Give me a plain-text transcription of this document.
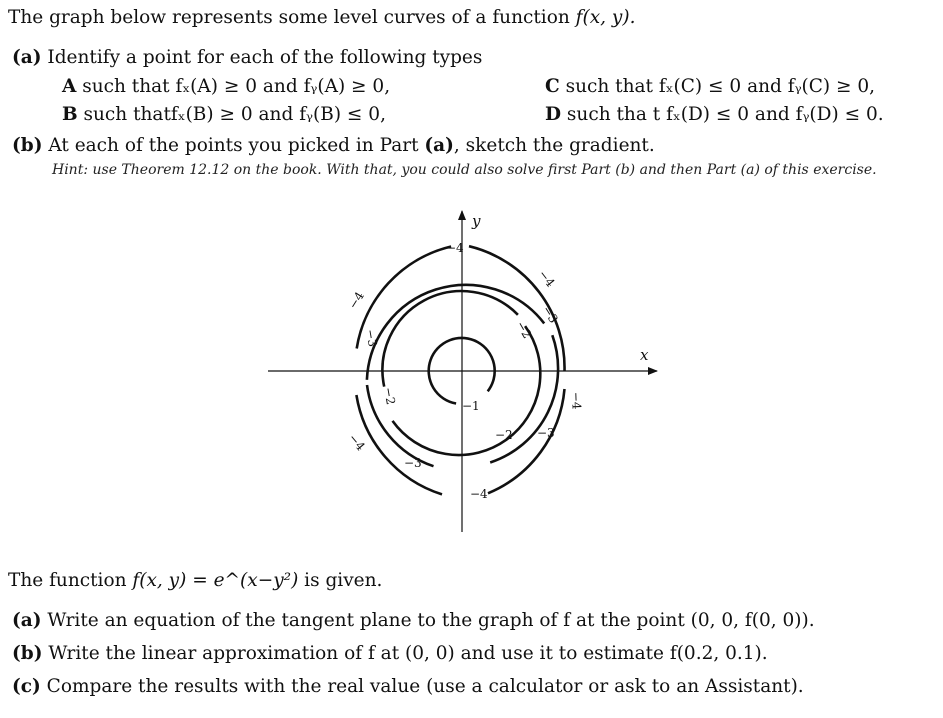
The graph below represents some level curves of a function f(x, y).
(a) Identify a point for each of the following types
A such that fₓ(A) ≥ 0 and fᵧ(A) ≥ 0,	C such that fₓ(C) ≤ 0 and fᵧ(C) ≥ 0,
B such thatfₓ(B) ≥ 0 and fᵧ(B) ≤ 0,	D such tha t fₓ(D) ≤ 0 and fᵧ(D) ≤ 0.
(b) At each of the points you picked in Part (a), sketch the gradient.
Hint: use Theorem 12.12 on the book. With that, you could also solve first Part (b) and then Part (a) of this exercise.
x
y
−1
−2
−2
−2
−3
−3
−3
−3
−4
−4
−4
−4
−4
−4
The function f(x, y) = e^(x−y²) is given.
(a) Write an equation of the tangent plane to the graph of f at the point (0, 0, f(0, 0)).
(b) Write the linear approximation of f at (0, 0) and use it to estimate f(0.2, 0.1).
(c) Compare the results with the real value (use a calculator or ask to an Assistant).
